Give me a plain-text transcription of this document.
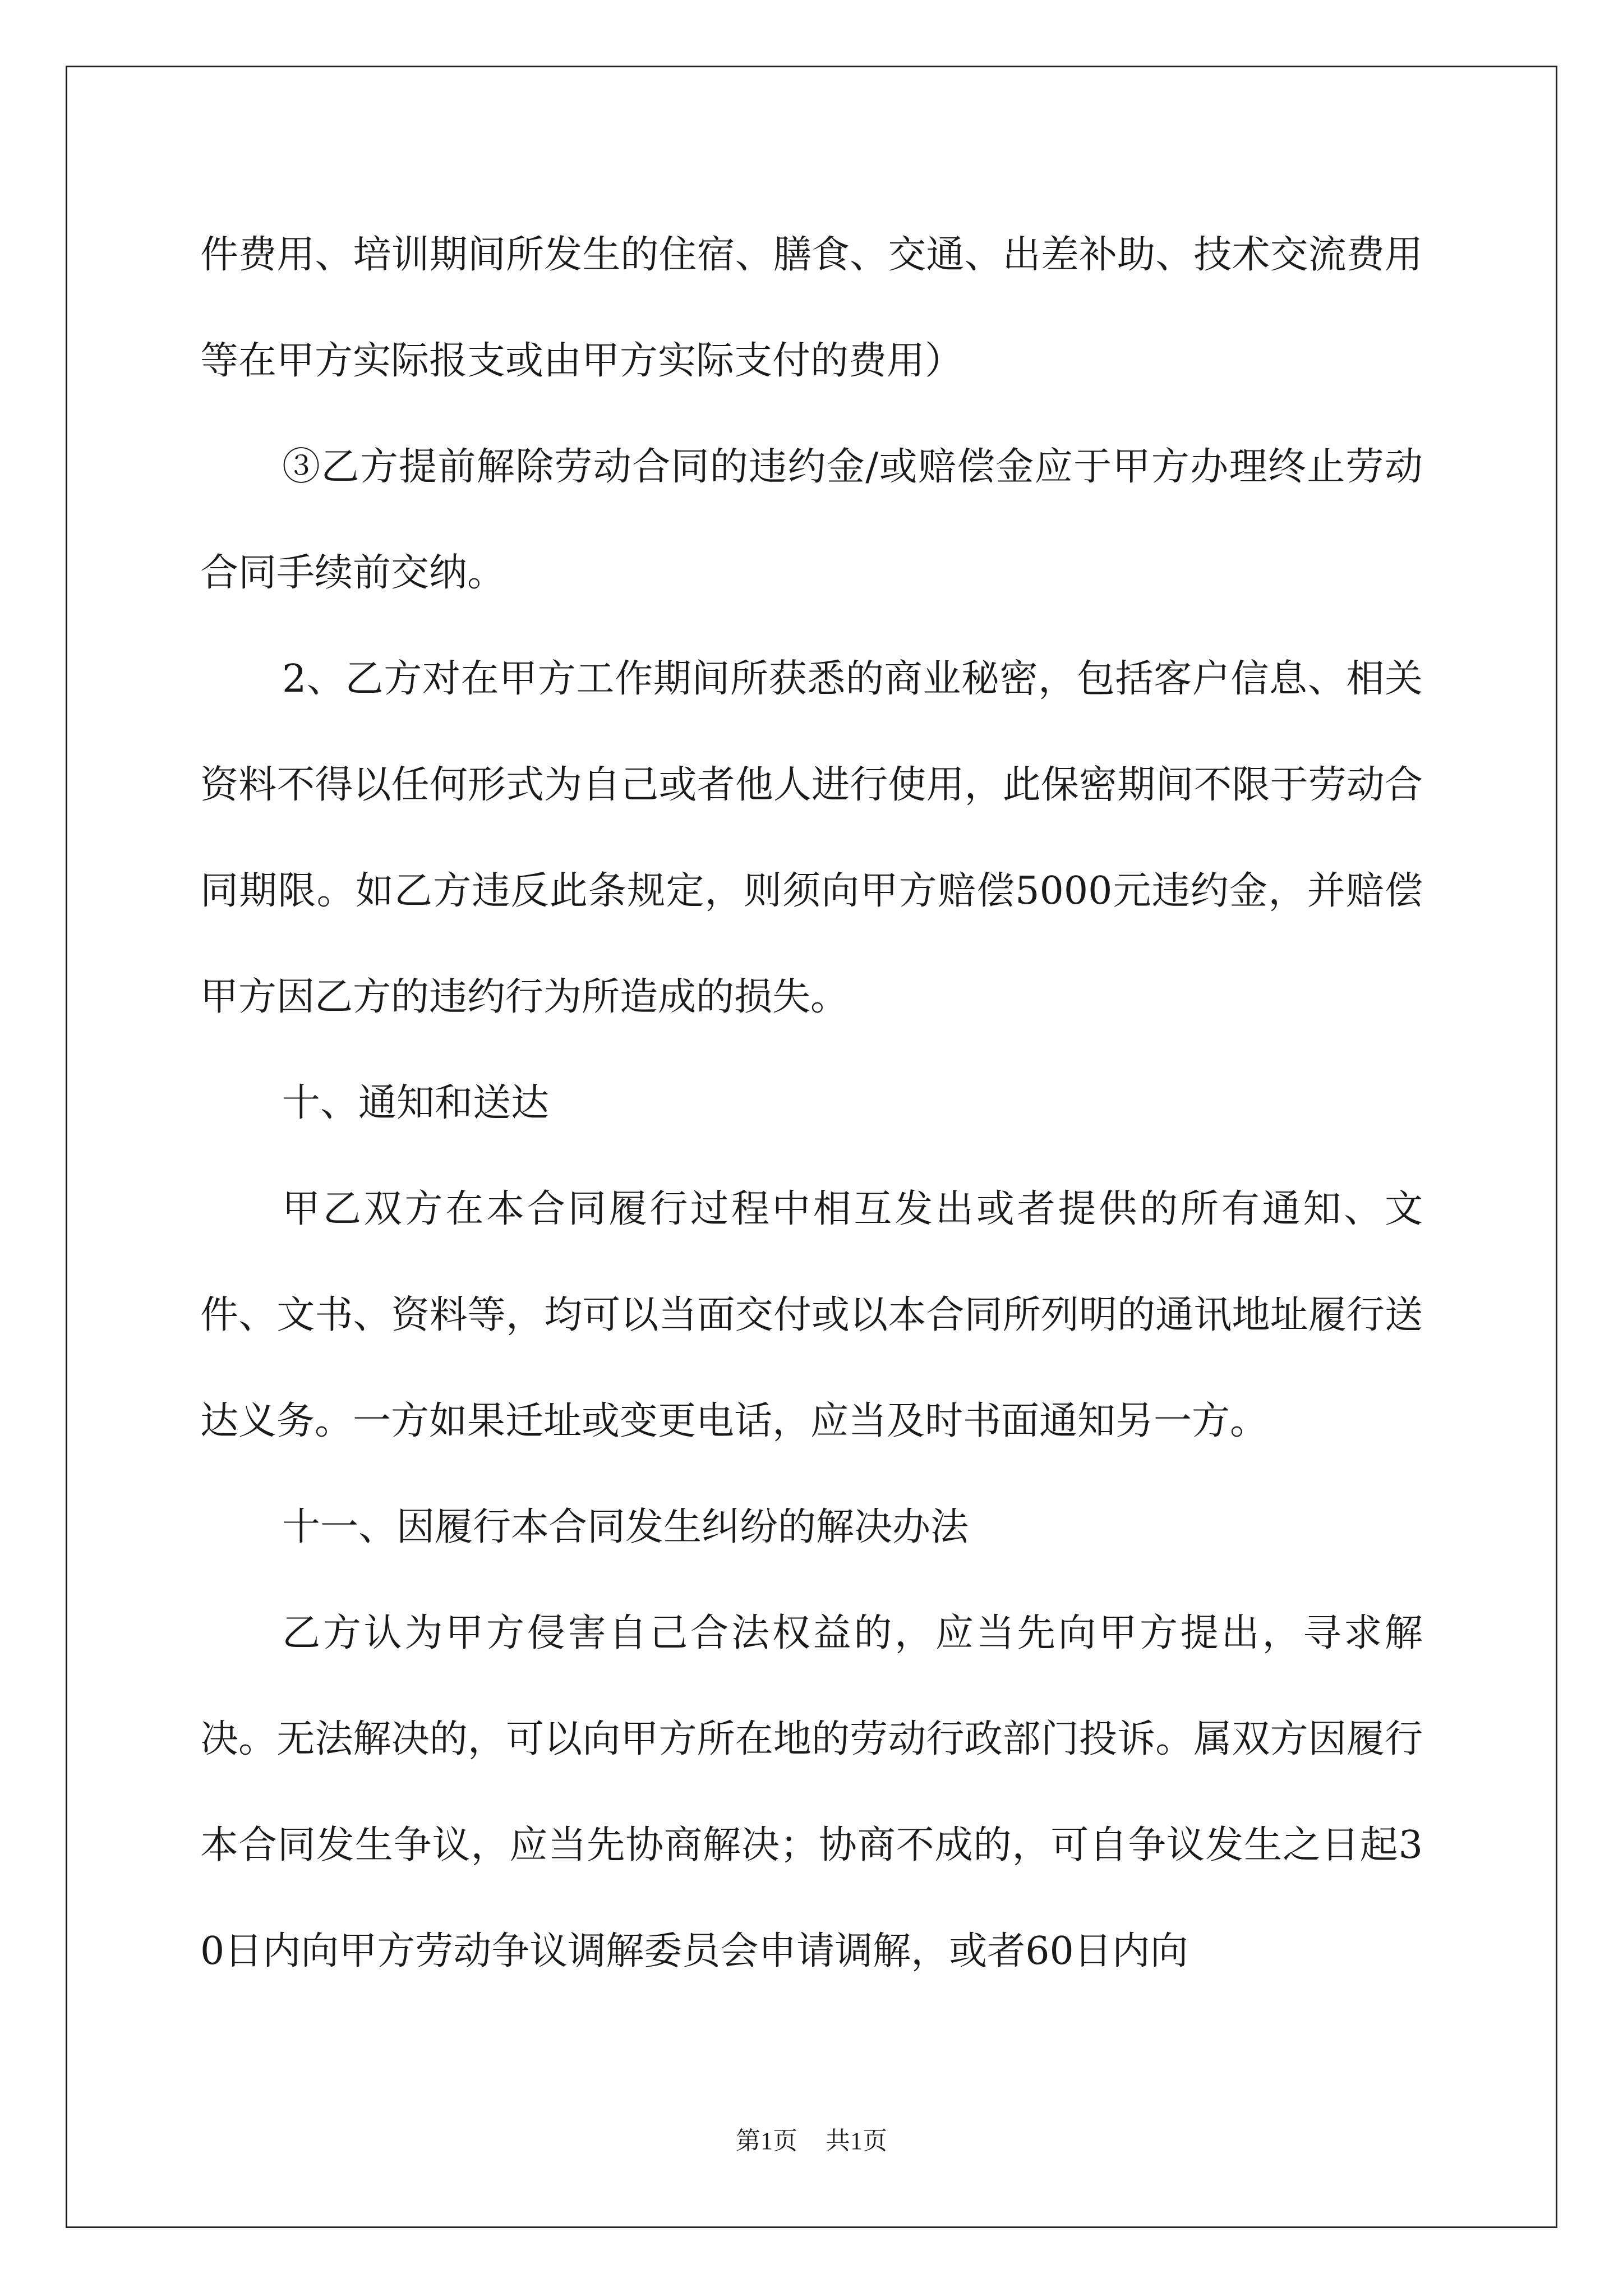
件费用、培训期间所发生的住宿、膳食、交通、出差补助、技术交流费用等在甲方实际报支或由甲方实际支付的费用）

③乙方提前解除劳动合同的违约金/或赔偿金应于甲方办理终止劳动合同手续前交纳。

2、乙方对在甲方工作期间所获悉的商业秘密，包括客户信息、相关资料不得以任何形式为自己或者他人进行使用，此保密期间不限于劳动合同期限。如乙方违反此条规定，则须向甲方赔偿5000元违约金，并赔偿甲方因乙方的违约行为所造成的损失。

十、通知和送达

甲乙双方在本合同履行过程中相互发出或者提供的所有通知、文件、文书、资料等，均可以当面交付或以本合同所列明的通讯地址履行送达义务。一方如果迁址或变更电话，应当及时书面通知另一方。

十一、因履行本合同发生纠纷的解决办法

乙方认为甲方侵害自己合法权益的，应当先向甲方提出，寻求解决。无法解决的，可以向甲方所在地的劳动行政部门投诉。属双方因履行本合同发生争议，应当先协商解决；协商不成的，可自争议发生之日起30日内向甲方劳动争议调解委员会申请调解，或者60日内向

第1页 共1页
